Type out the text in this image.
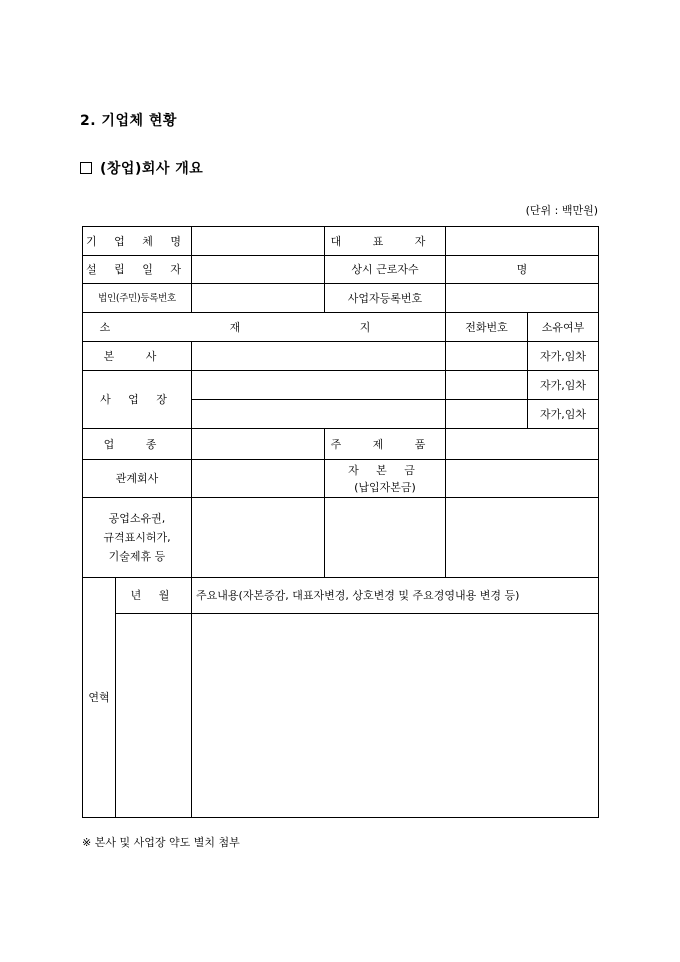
2. 기업체 현황
(창업)회사 개요
(단위 : 백만원)
기 업 체 명			대 표 자		
설 립 일 자			상시 근로자수	명	
법인(주민)등록번호			사업자등록번호		
소 재 지				전화번호	소유여부
본 사					자가,임차
사 업 장					자가,임차
					자가,임차
업 종			주 제 품		
관계회사			자 본 금
(납입자본금)		

공업소유권,
규격표시허가,
기술제휴 등					

연혁	년 월	주요내용(자본증감, 대표자변경, 상호변경 및 주요경영내용 변경 등)			

※ 본사 및 사업장 약도 별치 첨부
